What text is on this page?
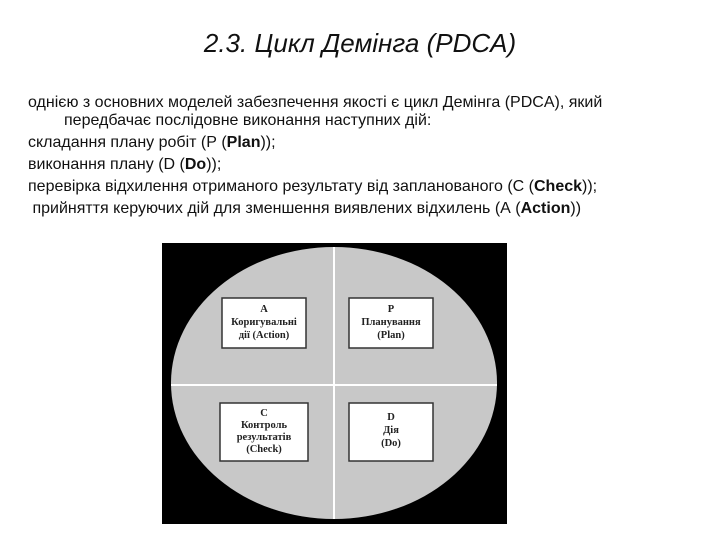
2.3. Цикл Демінга (PDCA)

однією з основних моделей забезпечення якості є цикл Демінга (PDCA), який

передбачає послідовне виконання наступних дій:

складання плану робіт (Р (Plan));

виконання плану (D (Do));

перевірка відхилення отриманого результату від запланованого (С (Check));

прийняття керуючих дій для зменшення виявлених відхилень (А (Action))

А
Коригувальні
дії (Action)
Р
Планування
(Plan)
С
Контроль
результатів
(Check)
D
Дія
(Do)
